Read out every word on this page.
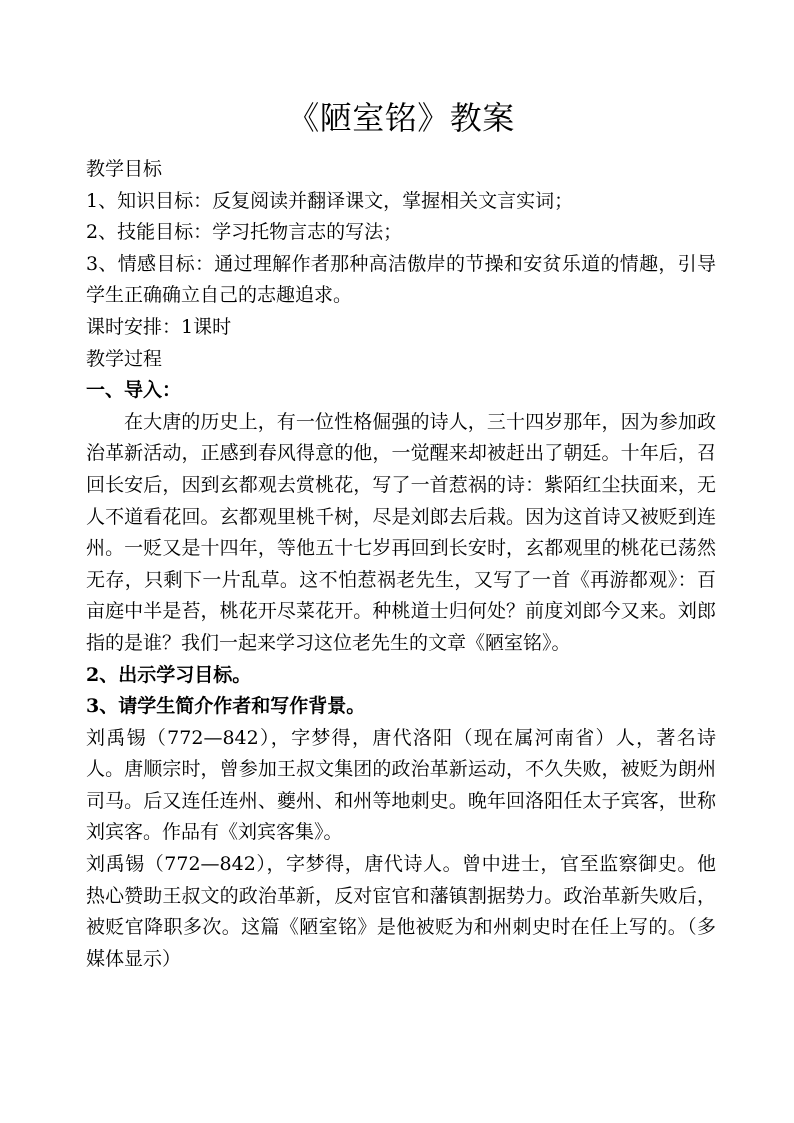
《陋室铭》教案

教学目标

1、知识目标：反复阅读并翻译课文，掌握相关文言实词；

2、技能目标：学习托物言志的写法；

3、情感目标：通过理解作者那种高洁傲岸的节操和安贫乐道的情趣，引导学生正确确立自己的志趣追求。

课时安排：1课时

教学过程

一、导入：

在大唐的历史上，有一位性格倔强的诗人，三十四岁那年，因为参加政治革新活动，正感到春风得意的他，一觉醒来却被赶出了朝廷。十年后，召回长安后，因到玄都观去赏桃花，写了一首惹祸的诗：紫陌红尘扶面来，无人不道看花回。玄都观里桃千树，尽是刘郎去后栽。因为这首诗又被贬到连州。一贬又是十四年，等他五十七岁再回到长安时，玄都观里的桃花已荡然无存，只剩下一片乱草。这不怕惹祸老先生，又写了一首《再游都观》：百亩庭中半是苔，桃花开尽菜花开。种桃道士归何处？前度刘郎今又来。刘郎指的是谁？我们一起来学习这位老先生的文章《陋室铭》。

2、出示学习目标。

3、请学生简介作者和写作背景。

刘禹锡（772—842），字梦得，唐代洛阳（现在属河南省）人，著名诗人。唐顺宗时，曾参加王叔文集团的政治革新运动，不久失败，被贬为朗州司马。后又连任连州、夔州、和州等地刺史。晚年回洛阳任太子宾客，世称刘宾客。作品有《刘宾客集》。

刘禹锡（772—842），字梦得，唐代诗人。曾中进士，官至监察御史。他热心赞助王叔文的政治革新，反对宦官和藩镇割据势力。政治革新失败后，被贬官降职多次。这篇《陋室铭》是他被贬为和州刺史时在任上写的。（多媒体显示）
